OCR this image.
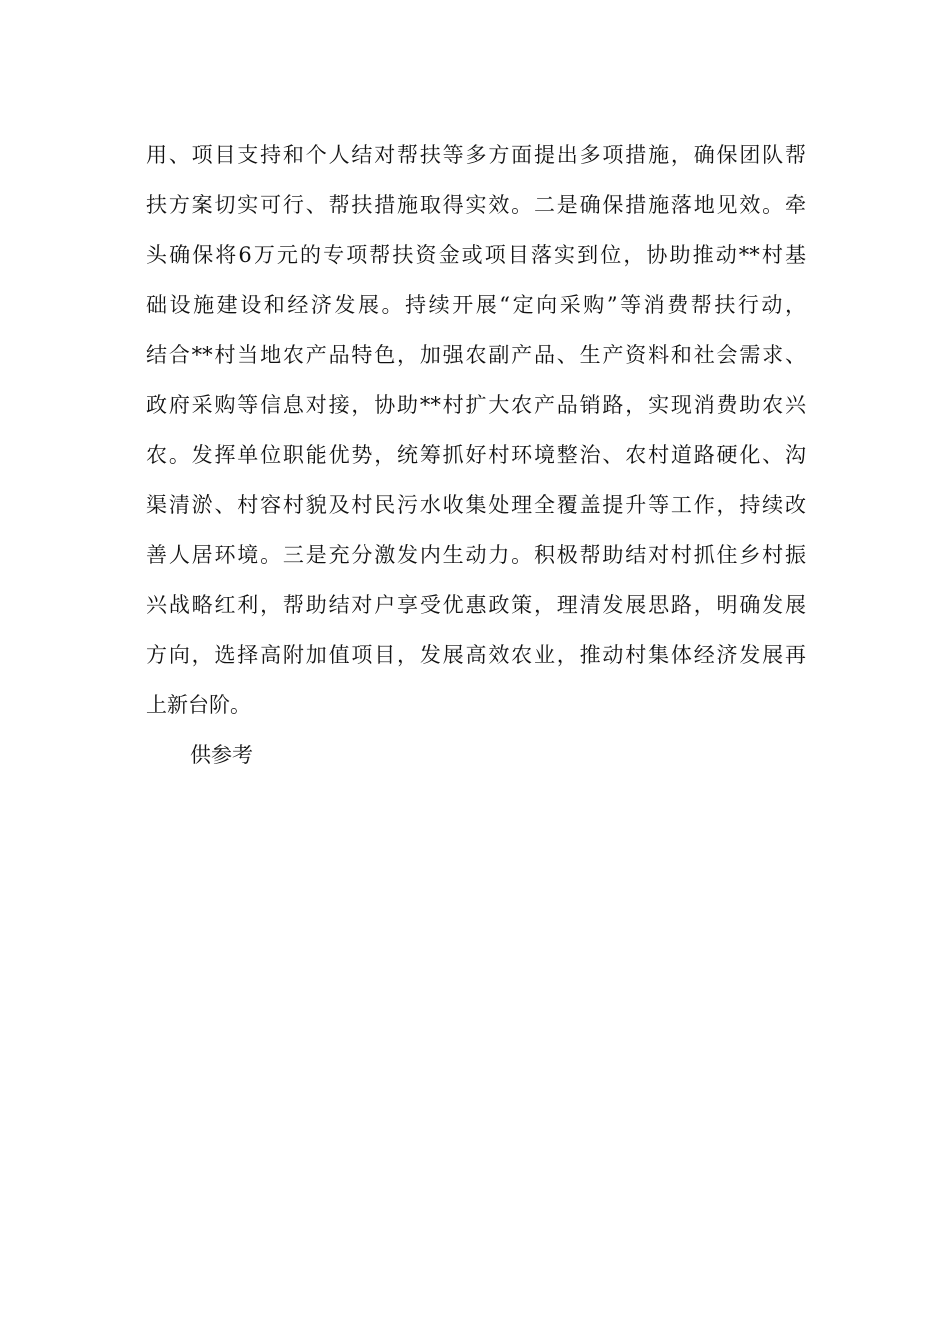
用、项目支持和个人结对帮扶等多方面提出多项措施，确保团队帮
扶方案切实可行、帮扶措施取得实效。二是确保措施落地见效。牵
头确保将6万元的专项帮扶资金或项目落实到位，协助推动**村基
础设施建设和经济发展。持续开展“定向采购”等消费帮扶行动，
结合**村当地农产品特色，加强农副产品、生产资料和社会需求、
政府采购等信息对接，协助**村扩大农产品销路，实现消费助农兴
农。发挥单位职能优势，统筹抓好村环境整治、农村道路硬化、沟
渠清淤、村容村貌及村民污水收集处理全覆盖提升等工作，持续改
善人居环境。三是充分激发内生动力。积极帮助结对村抓住乡村振
兴战略红利，帮助结对户享受优惠政策，理清发展思路，明确发展
方向，选择高附加值项目，发展高效农业，推动村集体经济发展再
上新台阶。
供参考
